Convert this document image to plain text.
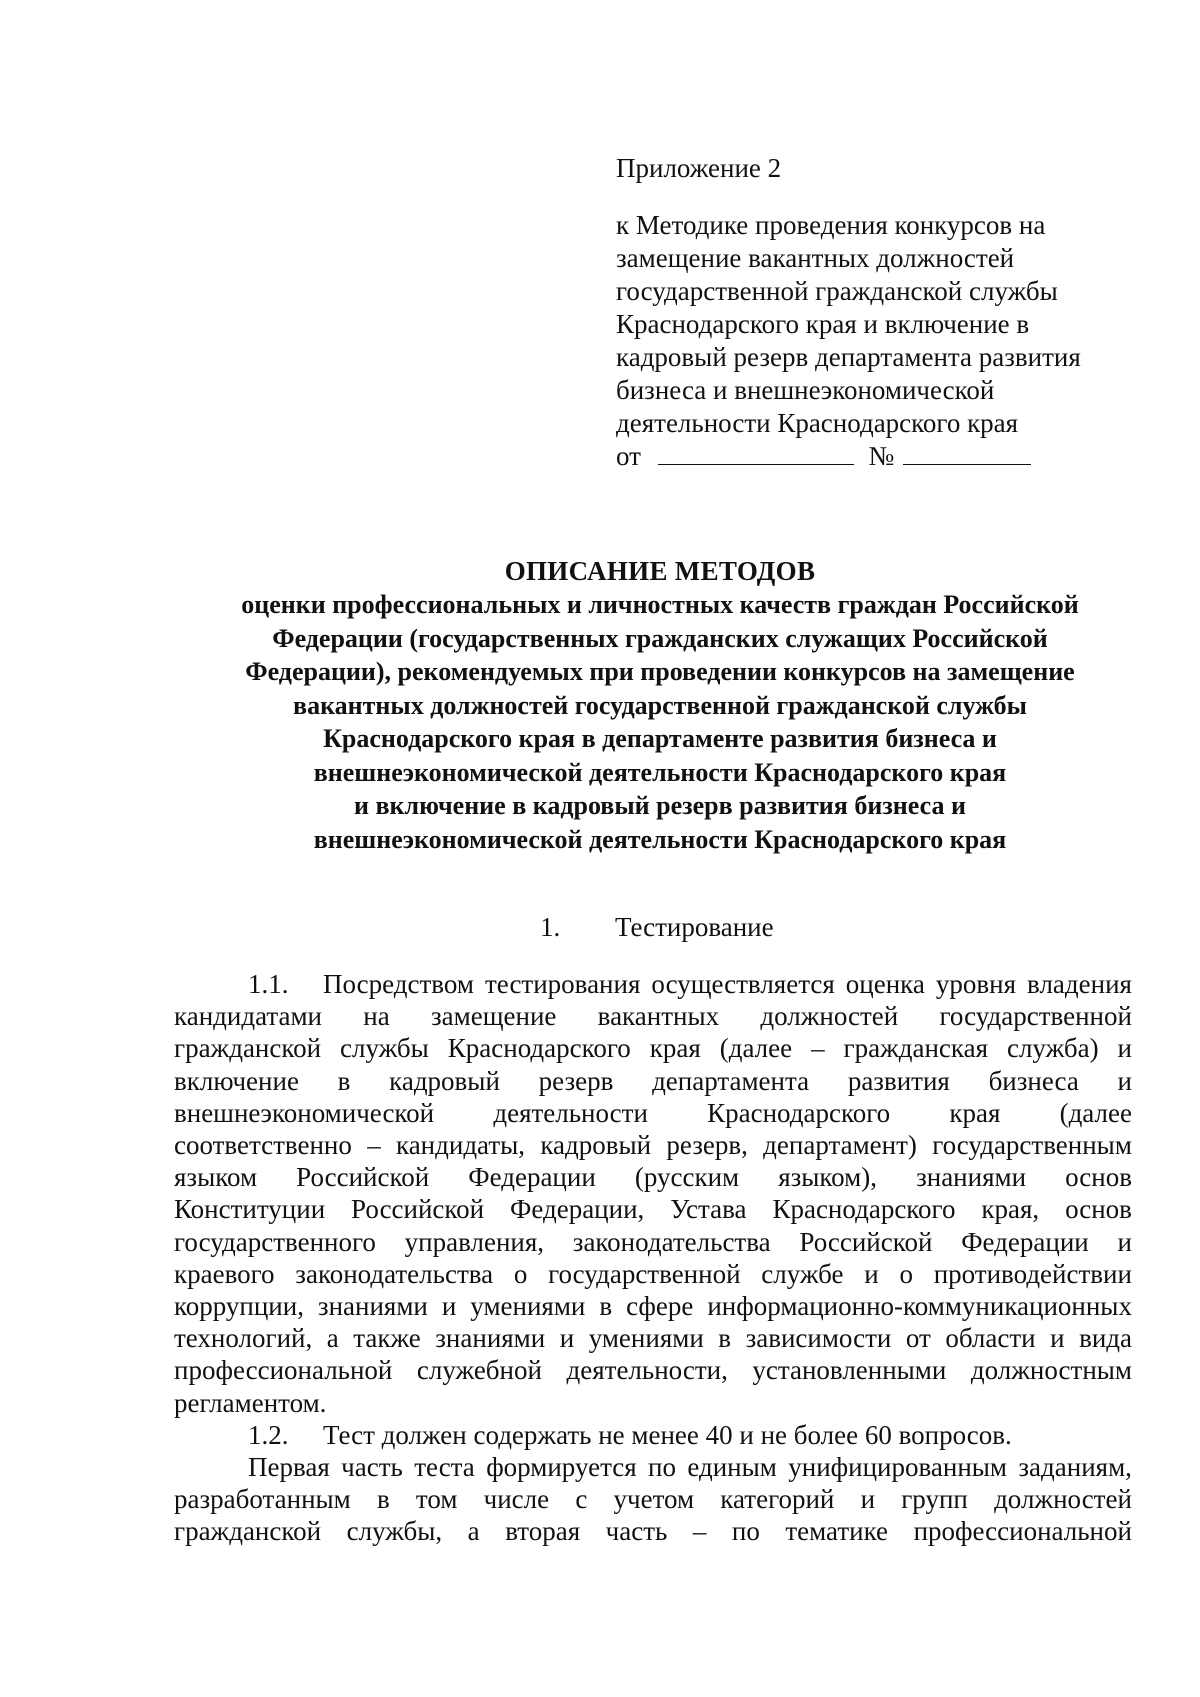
Приложение 2
к Методике проведения конкурсов на
замещение вакантных должностей
государственной гражданской службы
Краснодарского края и включение в
кадровый резерв департамента развития
бизнеса и внешнеэкономической
деятельности Краснодарского края
от	№
ОПИСАНИЕ МЕТОДОВ
оценки профессиональных и личностных качеств граждан Российской
Федерации (государственных гражданских служащих Российской
Федерации), рекомендуемых при проведении конкурсов на замещение
вакантных должностей государственной гражданской службы
Краснодарского края в департаменте развития бизнеса и
внешнеэкономической деятельности Краснодарского края
и включение в кадровый резерв развития бизнеса и
внешнеэкономической деятельности Краснодарского края
1. Тестирование
1.1. Посредством тестирования осуществляется оценка уровня владения
кандидатами на замещение вакантных должностей государственной
гражданской службы Краснодарского края (далее – гражданская служба) и
включение в кадровый резерв департамента развития бизнеса и
внешнеэкономической деятельности Краснодарского края (далее
соответственно – кандидаты, кадровый резерв, департамент) государственным
языком Российской Федерации (русским языком), знаниями основ
Конституции Российской Федерации, Устава Краснодарского края, основ
государственного управления, законодательства Российской Федерации и
краевого законодательства о государственной службе и о противодействии
коррупции, знаниями и умениями в сфере информационно-коммуникационных
технологий, а также знаниями и умениями в зависимости от области и вида
профессиональной служебной деятельности, установленными должностным
регламентом.
1.2. Тест должен содержать не менее 40 и не более 60 вопросов.
Первая часть теста формируется по единым унифицированным заданиям,
разработанным в том числе с учетом категорий и групп должностей
гражданской службы, а вторая часть – по тематике профессиональной
